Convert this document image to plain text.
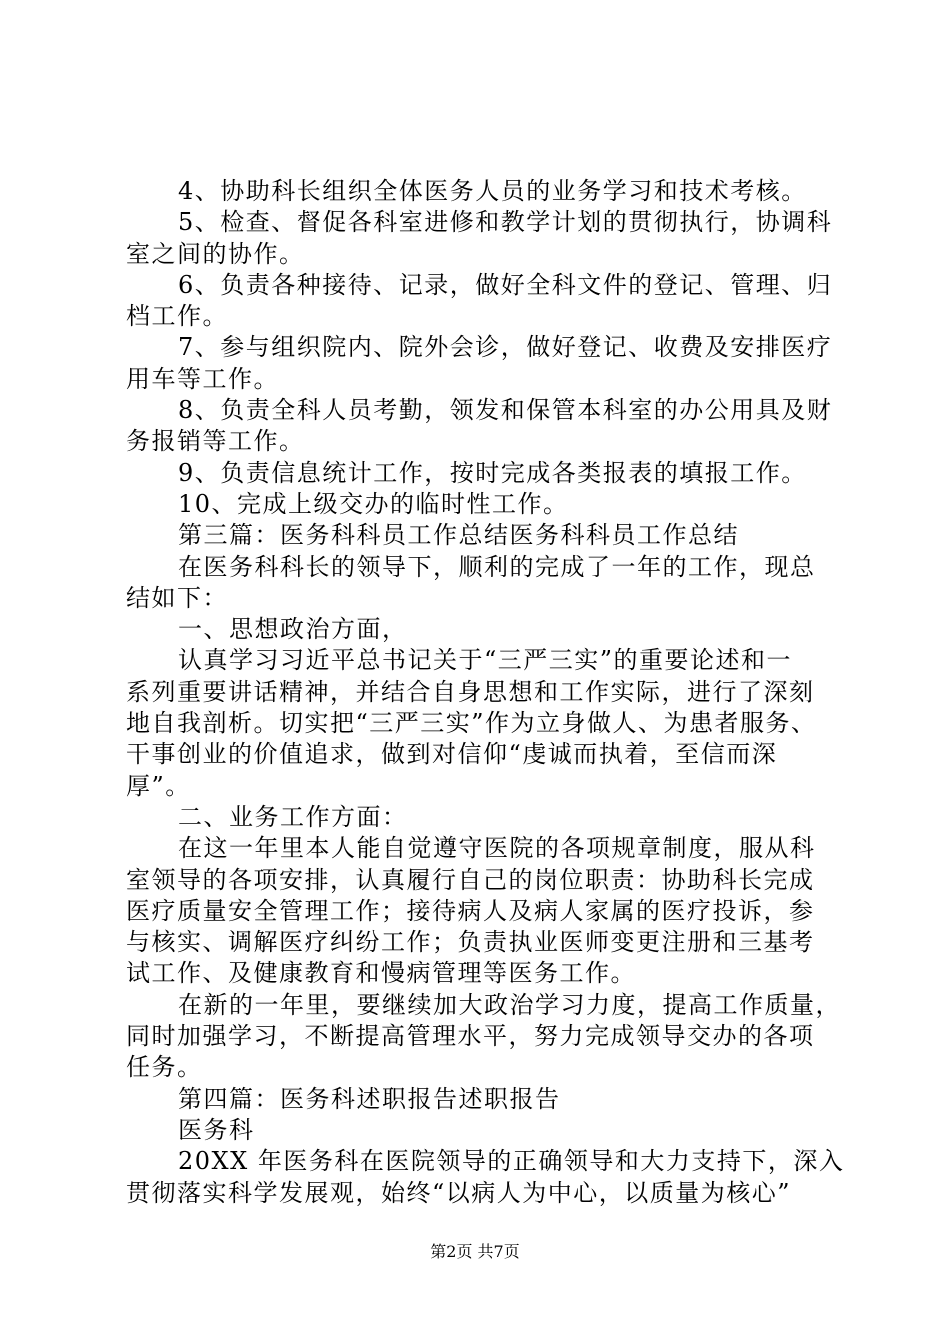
4、协助科长组织全体医务人员的业务学习和技术考核。
5、检查、督促各科室进修和教学计划的贯彻执行，协调科
室之间的协作。
6、负责各种接待、记录，做好全科文件的登记、管理、归
档工作。
7、参与组织院内、院外会诊，做好登记、收费及安排医疗
用车等工作。
8、负责全科人员考勤，领发和保管本科室的办公用具及财
务报销等工作。
9、负责信息统计工作，按时完成各类报表的填报工作。
10、完成上级交办的临时性工作。
第三篇：医务科科员工作总结医务科科员工作总结
在医务科科长的领导下，顺利的完成了一年的工作，现总
结如下：
一、思想政治方面，
认真学习习近平总书记关于“三严三实”的重要论述和一
系列重要讲话精神，并结合自身思想和工作实际，进行了深刻
地自我剖析。切实把“三严三实”作为立身做人、为患者服务、
干事创业的价值追求，做到对信仰“虔诚而执着，至信而深
厚”。
二、业务工作方面：
在这一年里本人能自觉遵守医院的各项规章制度，服从科
室领导的各项安排，认真履行自己的岗位职责：协助科长完成
医疗质量安全管理工作；接待病人及病人家属的医疗投诉，参
与核实、调解医疗纠纷工作；负责执业医师变更注册和三基考
试工作、及健康教育和慢病管理等医务工作。
在新的一年里，要继续加大政治学习力度，提高工作质量，
同时加强学习，不断提高管理水平，努力完成领导交办的各项
任务。
第四篇：医务科述职报告述职报告
医务科
20XX 年医务科在医院领导的正确领导和大力支持下，深入
贯彻落实科学发展观，始终“以病人为中心，以质量为核心”
第2页 共7页
